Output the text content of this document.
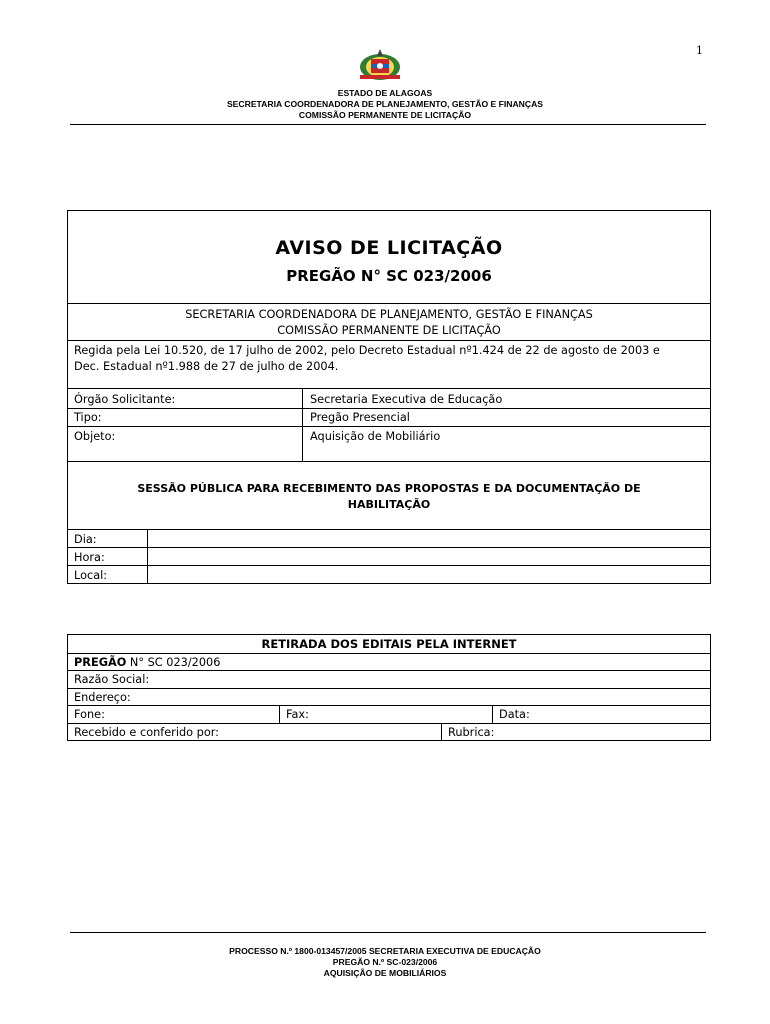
1
ESTADO DE ALAGOAS
SECRETARIA COORDENADORA DE PLANEJAMENTO, GESTÃO E FINANÇAS
COMISSÃO PERMANENTE DE LICITAÇÃO
AVISO DE LICITAÇÃO
PREGÃO N° SC 023/2006
SECRETARIA COORDENADORA DE PLANEJAMENTO, GESTÃO E FINANÇAS
COMISSÃO PERMANENTE DE LICITAÇÃO
Regida pela Lei 10.520, de 17 julho de 2002, pelo Decreto Estadual nº1.424 de 22 de agosto de 2003 e
Dec. Estadual nº1.988 de 27 de julho de 2004.
Órgão Solicitante:	Secretaria Executiva de Educação
Tipo:	Pregão Presencial
Objeto:	Aquisição de Mobiliário
SESSÃO PÚBLICA PARA RECEBIMENTO DAS PROPOSTAS E DA DOCUMENTAÇÃO DE
HABILITAÇÃO
Dia:
Hora:
Local:
RETIRADA DOS EDITAIS PELA INTERNET
PREGÃO N° SC 023/2006
Razão Social:
Endereço:
Fone:	Fax:	Data:
Recebido e conferido por:	Rubrica:
PROCESSO N.º 1800-013457/2005 SECRETARIA EXECUTIVA DE EDUCAÇÃO
PREGÃO N.º SC-023/2006
AQUISIÇÃO DE MOBILIÁRIOS
